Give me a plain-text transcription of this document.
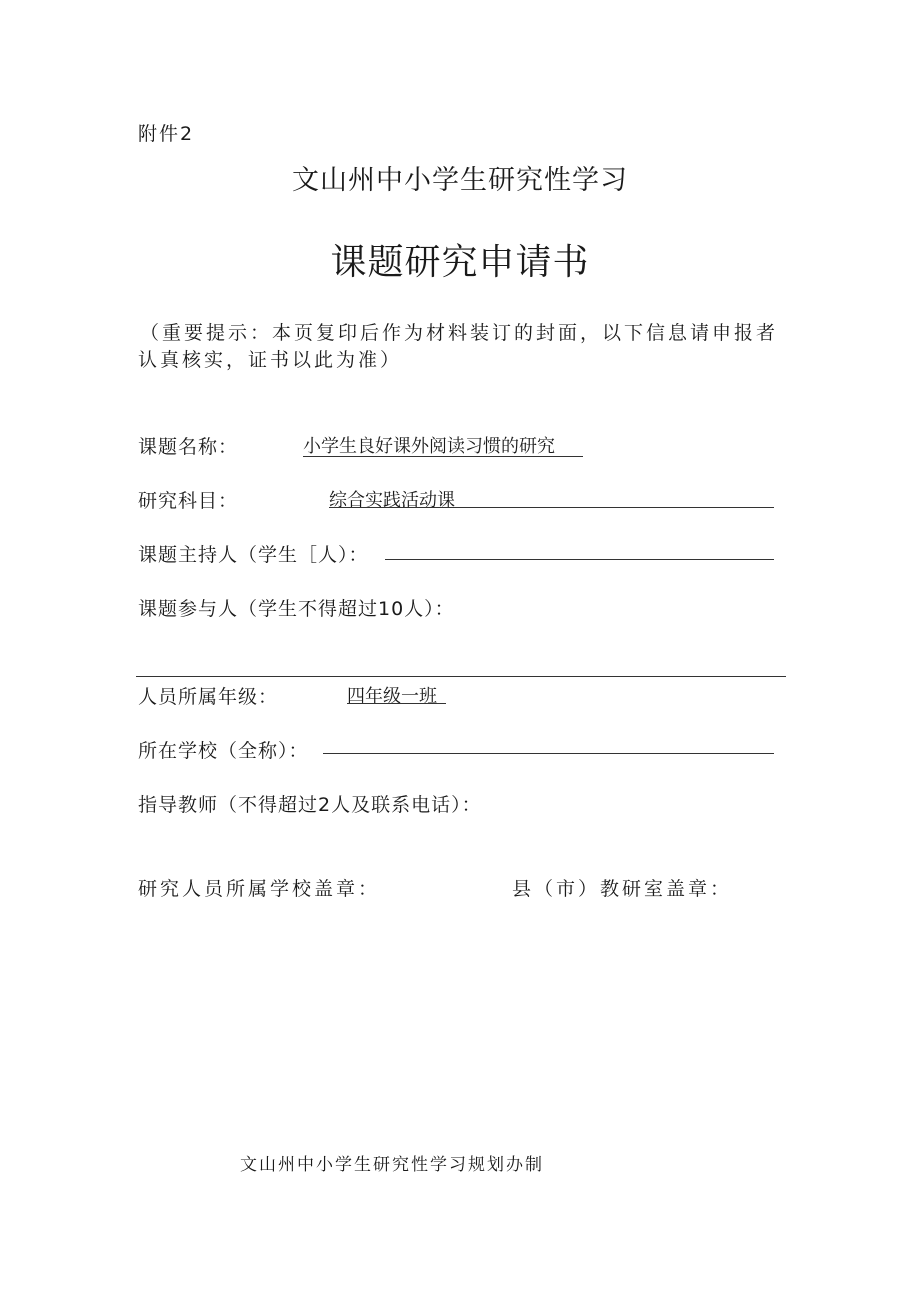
附件2
文山州中小学生研究性学习
课题研究申请书
（重要提示：本页复印后作为材料装订的封面，以下信息请申报者
认真核实，证书以此为准）
课题名称：	小学生良好课外阅读习惯的研究
研究科目：	综合实践活动课
课题主持人（学生［人）：
课题参与人（学生不得超过10人）：
人员所属年级：	四年级一班
所在学校（全称）：
指导教师（不得超过2人及联系电话）：
研究人员所属学校盖章：	县（市）教研室盖章：
文山州中小学生研究性学习规划办制
